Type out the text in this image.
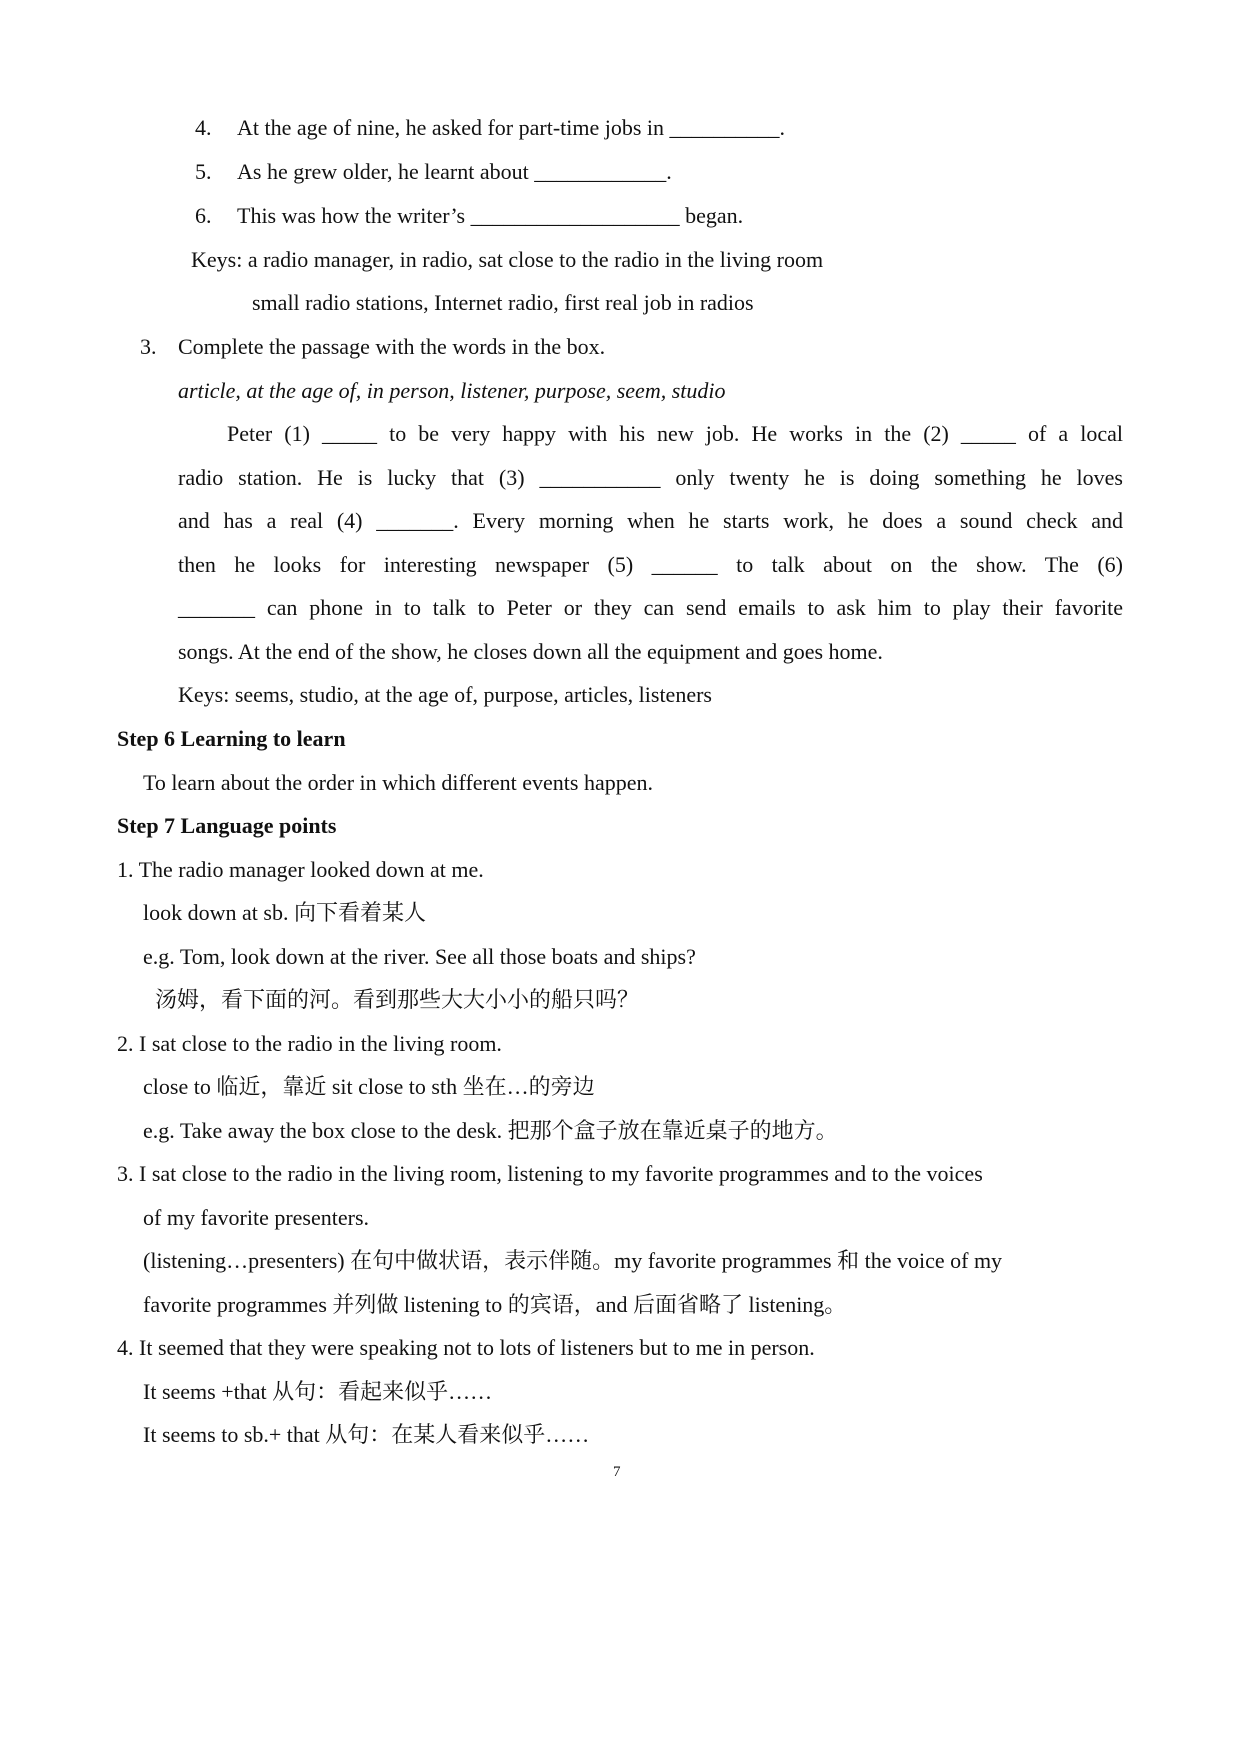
4. At the age of nine, he asked for part-time jobs in __________.
5. As he grew older, he learnt about ____________.
6. This was how the writer’s ___________________ began.
Keys: a radio manager, in radio, sat close to the radio in the living room
small radio stations, Internet radio, first real job in radios
3. Complete the passage with the words in the box.
article, at the age of, in person, listener, purpose, seem, studio
Peter (1) _____ to be very happy with his new job. He works in the (2) _____ of a local
radio station. He is lucky that (3) ___________ only twenty he is doing something he loves
and has a real (4) _______. Every morning when he starts work, he does a sound check and
then he looks for interesting newspaper (5) ______ to talk about on the show. The (6)
_______ can phone in to talk to Peter or they can send emails to ask him to play their favorite
songs. At the end of the show, he closes down all the equipment and goes home.
Keys: seems, studio, at the age of, purpose, articles, listeners
Step 6 Learning to learn
To learn about the order in which different events happen.
Step 7 Language points
1. The radio manager looked down at me.
look down at sb. 向下看着某人
e.g. Tom, look down at the river. See all those boats and ships?
汤姆，看下面的河。看到那些大大小小的船只吗？
2. I sat close to the radio in the living room.
close to 临近，靠近 sit close to sth 坐在…的旁边
e.g. Take away the box close to the desk. 把那个盒子放在靠近桌子的地方。
3. I sat close to the radio in the living room, listening to my favorite programmes and to the voices
of my favorite presenters.
(listening…presenters) 在句中做状语，表示伴随。my favorite programmes 和 the voice of my
favorite programmes 并列做 listening to 的宾语，and 后面省略了 listening。
4. It seemed that they were speaking not to lots of listeners but to me in person.
It seems +that 从句：看起来似乎……
It seems to sb.+ that 从句：在某人看来似乎……
7
